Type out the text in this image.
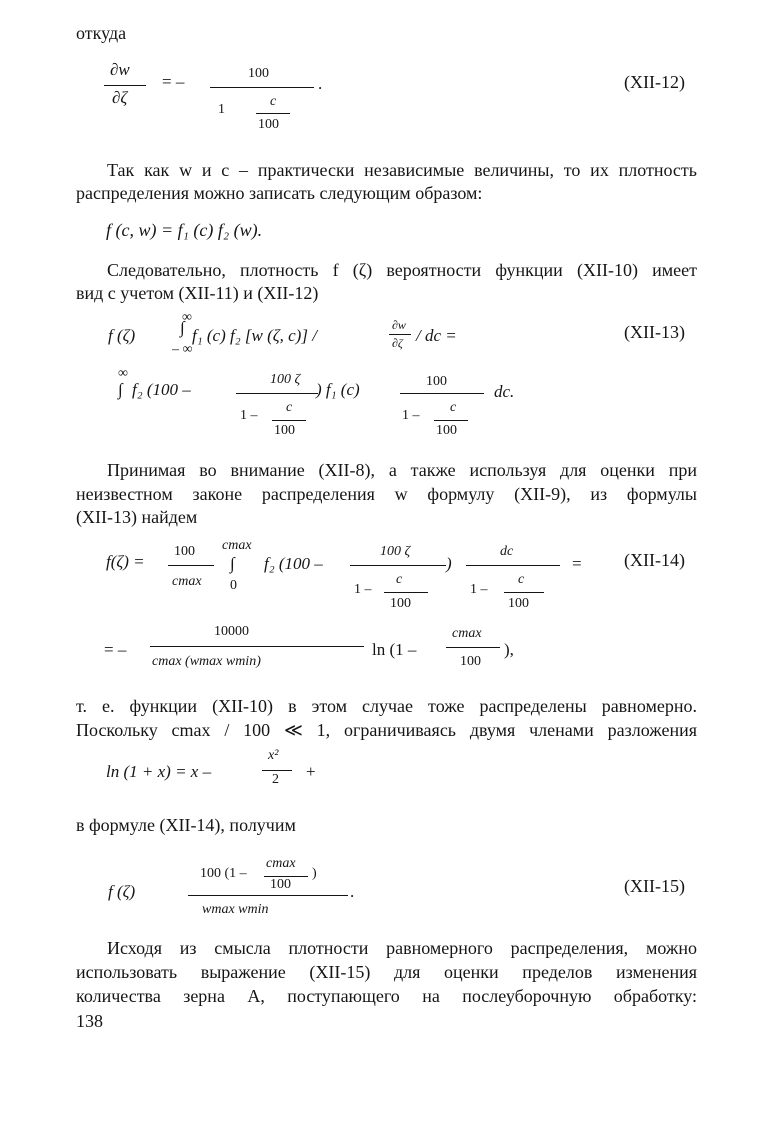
откуда
∂w
∂ζ
= –	100
1
c
100
.	(XII-12)
Так как w и c – практически независимые величины, то их плотность
распределения можно записать следующим образом:
f (c, w) = f₁ (c) f₂ (w).
Следовательно, плотность f (ζ) вероятности функции (XII-10) имеет
вид с учетом (XII-11) и (XII-12)
f (ζ)
∞
∫
– ∞
f₁ (c) f₂ [w (ζ, c)] /
∂w
∂ζ / dc =	(XII-13)
∞
∫ f₂ (100 –
100 ζ
1 –
c
100
) f₁ (c)	100
1 –
c
100
dc.
Принимая во внимание (XII-8), а также используя для оценки при
неизвестном законе распределения w формулу (XII-9), из формулы
(XII-13) найдем
f(ζ) =
100
cmax
cmax
∫
0
f₂ (100 –
100 ζ
1 –
c
100
)
dc
1 –
c
100
= (XII-14)
= –
10000
cmax (wmax wmin)
ln (1 –
cmax
100
),
т. е. функции (XII-10) в этом случае тоже распределены равномерно.
Поскольку cmax / 100 ≪ 1, ограничиваясь двумя членами разложения
ln (1 + x) = x –
x²
2 +
в формуле (XII-14), получим
f (ζ)
100 (1 –
cmax
100
)
wmax wmin
.	(XII-15)
Исходя из смысла плотности равномерного распределения, можно
использовать выражение (XII-15) для оценки пределов изменения
количества зерна A, поступающего на послеуборочную обработку:
138
